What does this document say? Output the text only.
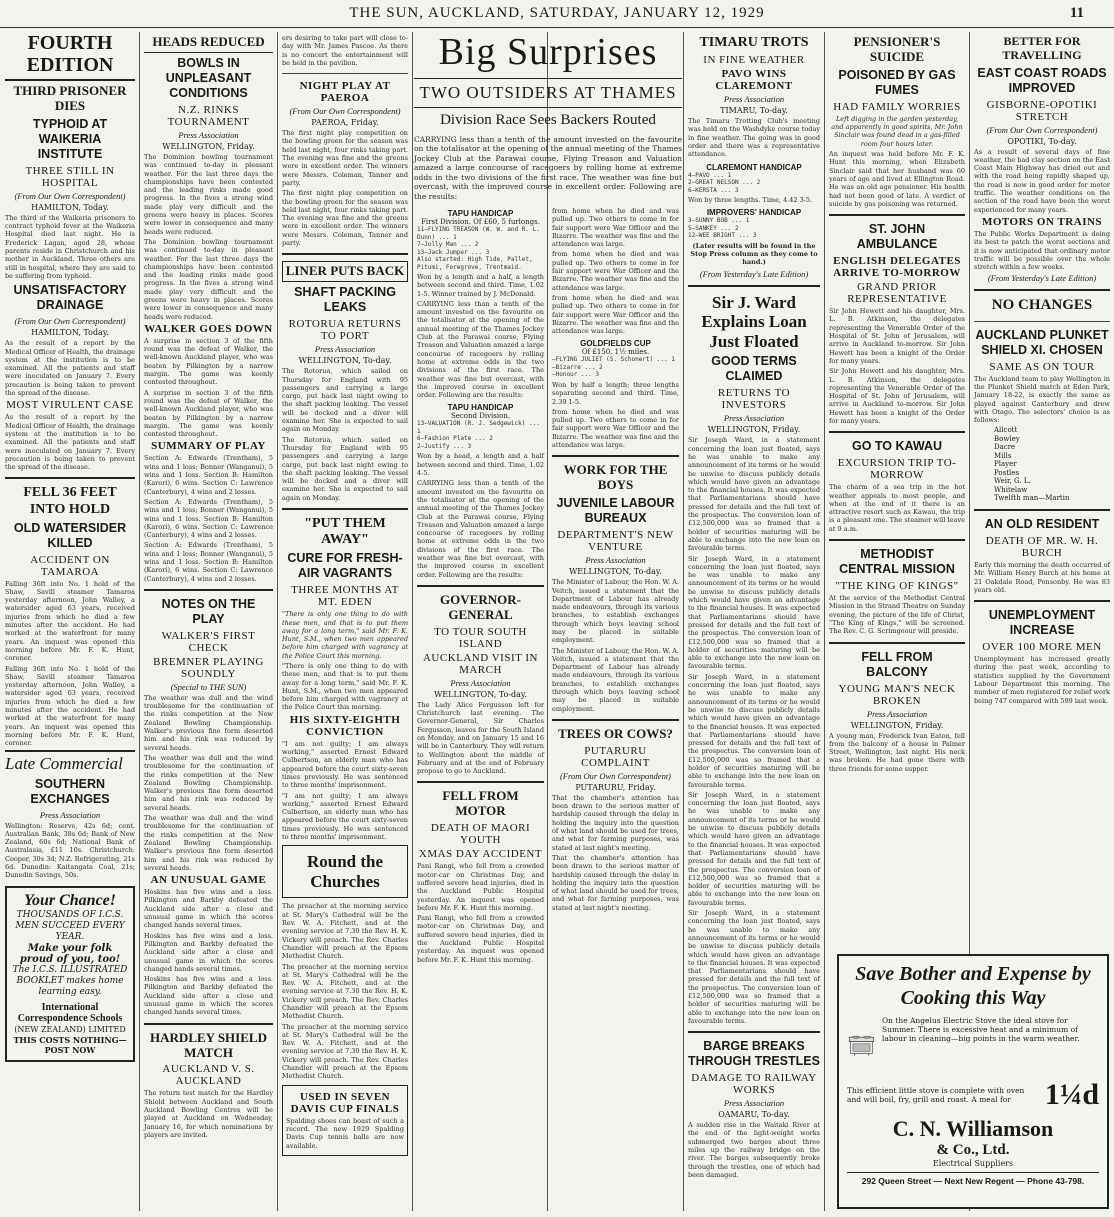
THE SUN, AUCKLAND, SATURDAY, JANUARY 12, 1929	11
FOURTH EDITION
THIRD PRISONER DIES
TYPHOID AT WAIKERIA INSTITUTE
THREE STILL IN HOSPITAL
(From Our Own Correspondent)
HAMILTON, Today.

The third of the Waikeria prisoners to contract typhoid fever at the Waikeria Hospital died last night. He is Frederick Lagan, aged 28, whose parents reside in Christchurch and his mother in Auckland. Three others are still in hospital, where they are said to be suffering from typhoid.

UNSATISFACTORY DRAINAGE
(From Our Own Correspondent)
HAMILTON, Today.

As the result of a report by the Medical Officer of Health, the drainage system at the institution is to be examined. All the patients and staff were inoculated on January 7. Every precaution is being taken to prevent the spread of the disease.

MOST VIRULENT CASE

As the result of a report by the Medical Officer of Health, the drainage system at the institution is to be examined. All the patients and staff were inoculated on January 7. Every precaution is being taken to prevent the spread of the disease.

FELL 36 FEET INTO HOLD
OLD WATERSIDER KILLED
ACCIDENT ON TAMAROA

Falling 36ft into No. 1 hold of the Shaw, Savill steamer Tamaroa yesterday afternoon, John Walley, a watersider aged 63 years, received injuries from which he died a few minutes after the accident. He had worked at the waterfront for many years. An inquest was opened this morning before Mr. F. K. Hunt, coroner.

Falling 36ft into No. 1 hold of the Shaw, Savill steamer Tamaroa yesterday afternoon, John Walley, a watersider aged 63 years, received injuries from which he died a few minutes after the accident. He had worked at the waterfront for many years. An inquest was opened this morning before Mr. F. K. Hunt, coroner.

Late Commercial
SOUTHERN EXCHANGES
Press Association

Wellington: Reserve, 42s 6d; cent. Australian Bank, 38s 6d; Bank of New Zealand, 60s 6d; National Bank of Australasia, £11 10s. Christchurch: Cooper, 30s 3d; N.Z. Refrigerating, 21s 6d. Dunedin: Kaitangata Coal, 21s; Dunedin Savings, 50s.

Your Chance!
THOUSANDS OF I.C.S. MEN SUCCEED EVERY YEAR.
Make your folk proud of you, too!
The I.C.S. ILLUSTRATED BOOKLET makes home learning easy.
International Correspondence Schools
(NEW ZEALAND) LIMITED
THIS COSTS NOTHING—POST NOW
HEADS REDUCED
BOWLS IN UNPLEASANT CONDITIONS
N.Z. RINKS TOURNAMENT
Press Association
WELLINGTON, Friday.

The Dominion bowling tournament was continued to-day in pleasant weather. For the last three days the championships have been contested and the leading rinks made good progress. In the fives a strong wind made play very difficult and the greens were heavy in places. Scores were lower in consequence and many heads were reduced.

The Dominion bowling tournament was continued to-day in pleasant weather. For the last three days the championships have been contested and the leading rinks made good progress. In the fives a strong wind made play very difficult and the greens were heavy in places. Scores were lower in consequence and many heads were reduced.

WALKER GOES DOWN

A surprise in section 3 of the fifth round was the defeat of Walker, the well-known Auckland player, who was beaten by Pilkington by a narrow margin. The game was keenly contested throughout.

A surprise in section 3 of the fifth round was the defeat of Walker, the well-known Auckland player, who was beaten by Pilkington by a narrow margin. The game was keenly contested throughout.

SUMMARY OF PLAY

Section A: Edwards (Trentham), 5 wins and 1 loss; Bonner (Wanganui), 5 wins and 1 loss. Section B: Hamilton (Karori), 6 wins. Section C: Lawrence (Canterbury), 4 wins and 2 losses.

Section A: Edwards (Trentham), 5 wins and 1 loss; Bonner (Wanganui), 5 wins and 1 loss. Section B: Hamilton (Karori), 6 wins. Section C: Lawrence (Canterbury), 4 wins and 2 losses.

Section A: Edwards (Trentham), 5 wins and 1 loss; Bonner (Wanganui), 5 wins and 1 loss. Section B: Hamilton (Karori), 6 wins. Section C: Lawrence (Canterbury), 4 wins and 2 losses.

NOTES ON THE PLAY
WALKER'S FIRST CHECK
BREMNER PLAYING SOUNDLY
(Special to THE SUN)

The weather was dull and the wind troublesome for the continuation of the rinks competition at the New Zealand Bowling Championship. Walker's previous fine form deserted him and his rink was reduced by several heads.

The weather was dull and the wind troublesome for the continuation of the rinks competition at the New Zealand Bowling Championship. Walker's previous fine form deserted him and his rink was reduced by several heads.

The weather was dull and the wind troublesome for the continuation of the rinks competition at the New Zealand Bowling Championship. Walker's previous fine form deserted him and his rink was reduced by several heads.

AN UNUSUAL GAME

Hoskins has five wins and a loss. Pilkington and Barkby defeated the Auckland side after a close and unusual game in which the scores changed hands several times.

Hoskins has five wins and a loss. Pilkington and Barkby defeated the Auckland side after a close and unusual game in which the scores changed hands several times.

Hoskins has five wins and a loss. Pilkington and Barkby defeated the Auckland side after a close and unusual game in which the scores changed hands several times.

HARDLEY SHIELD MATCH
AUCKLAND V. S. AUCKLAND

The return test match for the Hardley Shield between Auckland and South Auckland Bowling Centres will be played at Auckland on Wednesday, January 16, for which nominations by players are invited.

ers desiring to take part will close to-day with Mr. James Pascoe. As there is no concert the entertainment will be held in the pavilion.

NIGHT PLAY AT PAEROA
(From Our Own Correspondent)
PAEROA, Friday.

The first night play competition on the bowling green for the season was held last night, four rinks taking part. The evening was fine and the greens were in excellent order. The winners were Messrs. Coleman, Tanner and party.

The first night play competition on the bowling green for the season was held last night, four rinks taking part. The evening was fine and the greens were in excellent order. The winners were Messrs. Coleman, Tanner and party.

LINER PUTS BACK
SHAFT PACKING LEAKS
ROTORUA RETURNS TO PORT
Press Association
WELLINGTON, To-day.

The Rotorua, which sailed on Thursday for England with 95 passengers and carrying a large cargo, put back last night owing to the shaft packing leaking. The vessel will be docked and a diver will examine her. She is expected to sail again on Monday.

The Rotorua, which sailed on Thursday for England with 95 passengers and carrying a large cargo, put back last night owing to the shaft packing leaking. The vessel will be docked and a diver will examine her. She is expected to sail again on Monday.

"PUT THEM AWAY"
CURE FOR FRESH-AIR VAGRANTS
THREE MONTHS AT MT. EDEN

"There is only one thing to do with these men, and that is to put them away for a long term," said Mr. F. K. Hunt, S.M., when two men appeared before him charged with vagrancy at the Police Court this morning.

"There is only one thing to do with these men, and that is to put them away for a long term," said Mr. F. K. Hunt, S.M., when two men appeared before him charged with vagrancy at the Police Court this morning.

HIS SIXTY-EIGHTH CONVICTION

"I am not guilty; I am always working," asserted Ernest Edward Culbertson, an elderly man who has appeared before the court sixty-seven times previously. He was sentenced to three months' imprisonment.

"I am not guilty; I am always working," asserted Ernest Edward Culbertson, an elderly man who has appeared before the court sixty-seven times previously. He was sentenced to three months' imprisonment.

Round the Churches

The preacher at the morning service at St. Mary's Cathedral will be the Rev. W. A. Fitchett, and at the evening service at 7.30 the Rev. H. K. Vickery will preach. The Rev. Charles Chandler will preach at the Epsom Methodist Church.

The preacher at the morning service at St. Mary's Cathedral will be the Rev. W. A. Fitchett, and at the evening service at 7.30 the Rev. H. K. Vickery will preach. The Rev. Charles Chandler will preach at the Epsom Methodist Church.

The preacher at the morning service at St. Mary's Cathedral will be the Rev. W. A. Fitchett, and at the evening service at 7.30 the Rev. H. K. Vickery will preach. The Rev. Charles Chandler will preach at the Epsom Methodist Church.

USED IN SEVEN DAVIS CUP FINALS

Spalding shoes can boast of such a record. The new 1929 Spalding Davis Cup tennis balls are now available.

Big Surprises
TWO OUTSIDERS AT THAMES
Division Race Sees Backers Routed

CARRYING less than a tenth of the amount invested on the favourite on the totalisator at the opening of the annual meeting of the Thames Jockey Club at the Parawai course, Flying Treason and Valuation amazed a large concourse of racegoers by rolling home at extreme odds in the two divisions of the first race. The weather was fine but overcast, with the improved course in excellent order. Following are the results:

TAPU HANDICAP
First Division. Of £60, 5 furlongs.
11—FLYING TREASON (W. W. and R. L. Dunn) ... 1
7—Jolly Man ... 2
13—Jack Jumper ... 3
Also started: High Tide, Pallet, Pitumi, Foregrove, Trentmaid.

Won by a length and a half, a length between second and third. Time, 1.02 1-5. Winner trained by J. McDonald.

CARRYING less than a tenth of the amount invested on the favourite on the totalisator at the opening of the annual meeting of the Thames Jockey Club at the Parawai course, Flying Treason and Valuation amazed a large concourse of racegoers by rolling home at extreme odds in the two divisions of the first race. The weather was fine but overcast, with the improved course in excellent order. Following are the results:

TAPU HANDICAP
Second Division.
13—VALUATION (R. J. Sedgewick) ... 1
6—Fashion Plate ... 2
2—Justify ... 3

Won by a head, a length and a half between second and third. Time, 1.02 4-5.

CARRYING less than a tenth of the amount invested on the favourite on the totalisator at the opening of the annual meeting of the Thames Jockey Club at the Parawai course, Flying Treason and Valuation amazed a large concourse of racegoers by rolling home at extreme odds in the two divisions of the first race. The weather was fine but overcast, with the improved course in excellent order. Following are the results:

GOVERNOR-GENERAL
TO TOUR SOUTH ISLAND
AUCKLAND VISIT IN MARCH
Press Association
WELLINGTON, To-day.

The Lady Alice Fergusson left for Christchurch last evening. The Governor-General, Sir Charles Fergusson, leaves for the South Island on Monday, and on January 15 and 16 will be in Canterbury. They will return to Wellington about the middle of February and at the end of February propose to go to Auckland.

FELL FROM MOTOR
DEATH OF MAORI YOUTH
XMAS DAY ACCIDENT

Pani Rangi, who fell from a crowded motor-car on Christmas Day, and suffered severe head injuries, died in the Auckland Public Hospital yesterday. An inquest was opened before Mr. F. K. Hunt this morning.

Pani Rangi, who fell from a crowded motor-car on Christmas Day, and suffered severe head injuries, died in the Auckland Public Hospital yesterday. An inquest was opened before Mr. F. K. Hunt this morning.

from home when he died and was pulled up. Two others to come in for fair support were War Officer and the Bizarre. The weather was fine and the attendance was large.

from home when he died and was pulled up. Two others to come in for fair support were War Officer and the Bizarre. The weather was fine and the attendance was large.

from home when he died and was pulled up. Two others to come in for fair support were War Officer and the Bizarre. The weather was fine and the attendance was large.

GOLDFIELDS CUP
Of £150. 1½ miles.
—FLYING JULIET (S. Schonert) ... 1
—Bizarre ... 2
—Honour ... 3

Won by half a length; three lengths separating second and third. Time, 2.39 1-5.

from home when he died and was pulled up. Two others to come in for fair support were War Officer and the Bizarre. The weather was fine and the attendance was large.

WORK FOR THE BOYS
JUVENILE LABOUR BUREAUX
DEPARTMENT'S NEW VENTURE
Press Association
WELLINGTON, To-day.

The Minister of Labour, the Hon. W. A. Veitch, issued a statement that the Department of Labour has already made endeavours, through its various branches, to establish exchanges through which boys leaving school may be placed in suitable employment.

The Minister of Labour, the Hon. W. A. Veitch, issued a statement that the Department of Labour has already made endeavours, through its various branches, to establish exchanges through which boys leaving school may be placed in suitable employment.

TREES OR COWS?
PUTARURU COMPLAINT
(From Our Own Correspondent)
PUTARURU, Friday.

That the chamber's attention has been drawn to the serious matter of hardship caused through the delay in holding the inquiry into the question of what land should be used for trees, and what for farming purposes, was stated at last night's meeting.

That the chamber's attention has been drawn to the serious matter of hardship caused through the delay in holding the inquiry into the question of what land should be used for trees, and what for farming purposes, was stated at last night's meeting.

TIMARU TROTS
IN FINE WEATHER
PAVO WINS CLAREMONT
Press Association
TIMARU, To-day.

The Timaru Trotting Club's meeting was held on the Washdyke course today in fine weather. The going was in good order and there was a representative attendance.

CLAREMONT HANDICAP
4—PAVO ... 1
2—GREAT NELSON ... 2
6—KERSTA ... 3

Won by three lengths. Time, 4.42 3-5.

IMPROVERS' HANDICAP
3—SUNNY BOB ... 1
5—SANKEY ... 2
12—WEE BRIGHT ... 3

(Later results will be found in the Stop Press column as they come to hand.)

(From Yesterday's Late Edition)
Sir J. Ward Explains Loan Just Floated
GOOD TERMS CLAIMED
RETURNS TO INVESTORS
Press Association
WELLINGTON, Friday.

Sir Joseph Ward, in a statement concerning the loan just floated, says he was unable to make any announcement of its terms or he would be unwise to discuss publicly details which would have given an advantage to the financial houses. It was expected that Parliamentarians should have pressed for details and the full text of the prospectus. The conversion loan of £12,500,000 was so framed that a holder of securities maturing will be able to exchange into the new loan on favourable terms.

Sir Joseph Ward, in a statement concerning the loan just floated, says he was unable to make any announcement of its terms or he would be unwise to discuss publicly details which would have given an advantage to the financial houses. It was expected that Parliamentarians should have pressed for details and the full text of the prospectus. The conversion loan of £12,500,000 was so framed that a holder of securities maturing will be able to exchange into the new loan on favourable terms.

Sir Joseph Ward, in a statement concerning the loan just floated, says he was unable to make any announcement of its terms or he would be unwise to discuss publicly details which would have given an advantage to the financial houses. It was expected that Parliamentarians should have pressed for details and the full text of the prospectus. The conversion loan of £12,500,000 was so framed that a holder of securities maturing will be able to exchange into the new loan on favourable terms.

Sir Joseph Ward, in a statement concerning the loan just floated, says he was unable to make any announcement of its terms or he would be unwise to discuss publicly details which would have given an advantage to the financial houses. It was expected that Parliamentarians should have pressed for details and the full text of the prospectus. The conversion loan of £12,500,000 was so framed that a holder of securities maturing will be able to exchange into the new loan on favourable terms.

Sir Joseph Ward, in a statement concerning the loan just floated, says he was unable to make any announcement of its terms or he would be unwise to discuss publicly details which would have given an advantage to the financial houses. It was expected that Parliamentarians should have pressed for details and the full text of the prospectus. The conversion loan of £12,500,000 was so framed that a holder of securities maturing will be able to exchange into the new loan on favourable terms.

BARGE BREAKS THROUGH TRESTLES
DAMAGE TO RAILWAY WORKS
Press Association
OAMARU, To-day.

A sudden rise in the Waitaki River at the end of the light-weight works submerged two barges about three miles up the railway bridge on the river. The barges subsequently broke through the trestles, one of which had been damaged.

PENSIONER'S SUICIDE
POISONED BY GAS FUMES
HAD FAMILY WORRIES

Left digging in the garden yesterday, and apparently in good spirits, Mr. John Sinclair was found dead in a gas-filled room four hours later.

An inquest was held before Mr. F. K. Hunt this morning, when Elizabeth Sinclair said that her husband was 60 years of age and lived at Ellington Road. He was an old age pensioner. His health had not been good of late. A verdict of suicide by gas poisoning was returned.

ST. JOHN AMBULANCE
ENGLISH DELEGATES ARRIVE TO-MORROW
GRAND PRIOR REPRESENTATIVE

Sir John Hewett and his daughter, Mrs. L. B. Atkinson, the delegates representing the Venerable Order of the Hospital of St. John of Jerusalem, will arrive in Auckland to-morrow. Sir John Hewett has been a knight of the Order for many years.

Sir John Hewett and his daughter, Mrs. L. B. Atkinson, the delegates representing the Venerable Order of the Hospital of St. John of Jerusalem, will arrive in Auckland to-morrow. Sir John Hewett has been a knight of the Order for many years.

GO TO KAWAU
EXCURSION TRIP TO-MORROW

The charm of a sea trip in the hot weather appeals to most people, and when at the end of it there is an attractive resort such as Kawau, the trip is a pleasant one. The steamer will leave at 9 a.m.

METHODIST CENTRAL MISSION
"THE KING OF KINGS"

At the service of the Methodist Central Mission in the Strand Theatre on Sunday evening, the picture of the life of Christ, "The King of Kings," will be screened. The Rev. C. G. Scrimgeour will preside.

FELL FROM BALCONY
YOUNG MAN'S NECK BROKEN
Press Association
WELLINGTON, Friday.

A young man, Frederick Ivan Eaton, fell from the balcony of a house in Palmer Street, Wellington, last night. His neck was broken. He had gone there with three friends for some supper.

BETTER FOR TRAVELLING
EAST COAST ROADS IMPROVED
GISBORNE-OPOTIKI STRETCH
(From Our Own Correspondent)
OPOTIKI, To-day.

As a result of several days of fine weather, the bad clay section on the East Coast Main Highway has dried out and with the road being rapidly shaped up, the road is now in good order for motor traffic. The weather conditions on the section of the road have been the worst experienced for many years.

MOTORS ON TRAINS

The Public Works Department is doing its best to patch the worst sections and it is now anticipated that ordinary motor traffic will be possible over the whole stretch within a few weeks.

(From Yesterday's Late Edition)
NO CHANGES
AUCKLAND PLUNKET SHIELD XI. CHOSEN
SAME AS ON TOUR

The Auckland team to play Wellington in the Plunket Shield match at Eden Park, January 18-22, is exactly the same as played against Canterbury and drew with Otago. The selectors' choice is as follows:

Allcott
Bowley
Dacre
Mills
Player
Postles
Weir, G. L.
Whitelaw
Twelfth man—Martin
AN OLD RESIDENT
DEATH OF MR. W. H. BURCH

Early this morning the death occurred of Mr. William Henry Burch at his home at 21 Oakdale Road, Ponsonby. He was 83 years old.

UNEMPLOYMENT INCREASE
OVER 100 MORE MEN

Unemployment has increased greatly during the past week, according to statistics supplied by the Government Labour Department this morning. The number of men registered for relief work being 747 compared with 599 last week.

Save Bother and Expense by Cooking this Way
On the Angelus Electric Stove the ideal stove for Summer. There is excessive heat and a minimum of labour in cleaning—big points in the warm weather.
This efficient little stove is complete with oven and will boil, fry, grill and roast. A meal for	1¼d
C. N. Williamson
& Co., Ltd.
Electrical Suppliers
292 Queen Street — Next New Regent — Phone 43-798.
